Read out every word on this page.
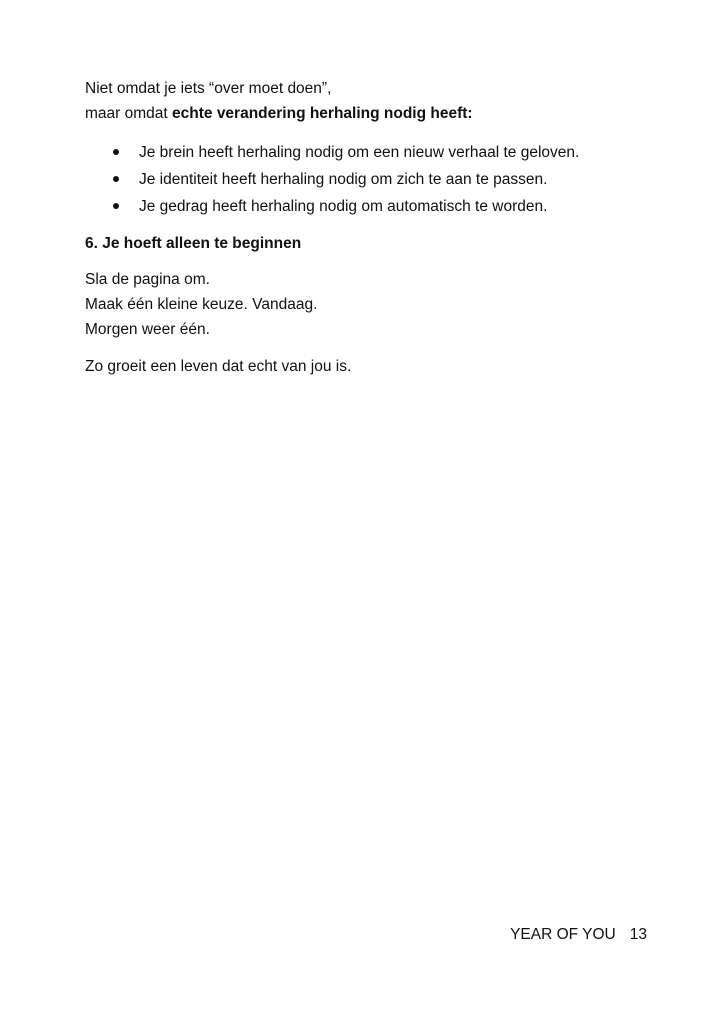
Niet omdat je iets “over moet doen”,

maar omdat echte verandering herhaling nodig heeft:

Je brein heeft herhaling nodig om een nieuw verhaal te geloven.
Je identiteit heeft herhaling nodig om zich te aan te passen.
Je gedrag heeft herhaling nodig om automatisch te worden.

6. Je hoeft alleen te beginnen

Sla de pagina om.
Maak één kleine keuze. Vandaag.
Morgen weer één.

Zo groeit een leven dat echt van jou is.

YEAR OF YOU 13
